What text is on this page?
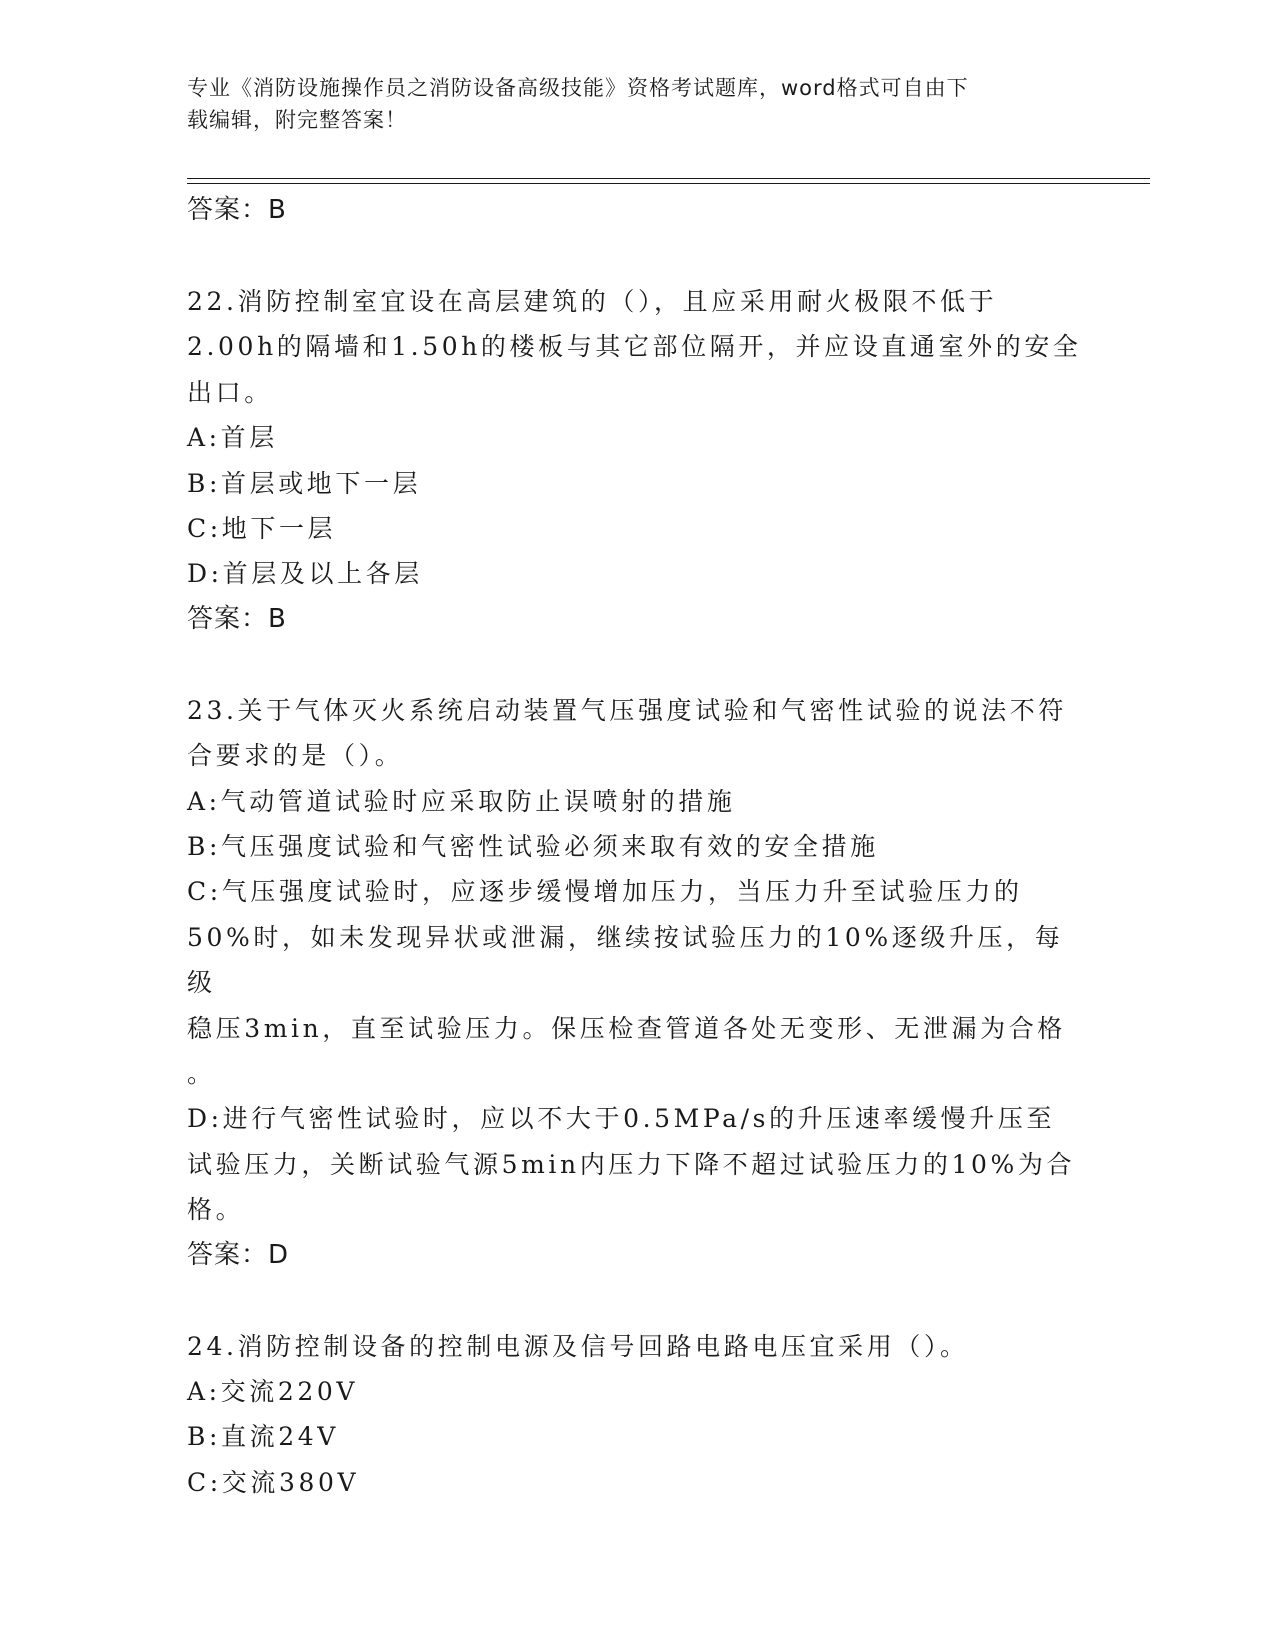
专业《消防设施操作员之消防设备高级技能》资格考试题库，word格式可自由下
载编辑，附完整答案！
答案：B
22.消防控制室宜设在高层建筑的（），且应采用耐火极限不低于
2.00h的隔墙和1.50h的楼板与其它部位隔开，并应设直通室外的安全
出口。
A:首层
B:首层或地下一层
C:地下一层
D:首层及以上各层
答案：B
23.关于气体灭火系统启动装置气压强度试验和气密性试验的说法不符
合要求的是（）。
A:气动管道试验时应采取防止误喷射的措施
B:气压强度试验和气密性试验必须来取有效的安全措施
C:气压强度试验时，应逐步缓慢增加压力，当压力升至试验压力的
50%时，如未发现异状或泄漏，继续按试验压力的10%逐级升压，每级
稳压3min，直至试验压力。保压检查管道各处无变形、无泄漏为合格
。
D:进行气密性试验时，应以不大于0.5MPa/s的升压速率缓慢升压至
试验压力，关断试验气源5min内压力下降不超过试验压力的10%为合
格。
答案：D
24.消防控制设备的控制电源及信号回路电路电压宜采用（）。
A:交流220V
B:直流24V
C:交流380V
